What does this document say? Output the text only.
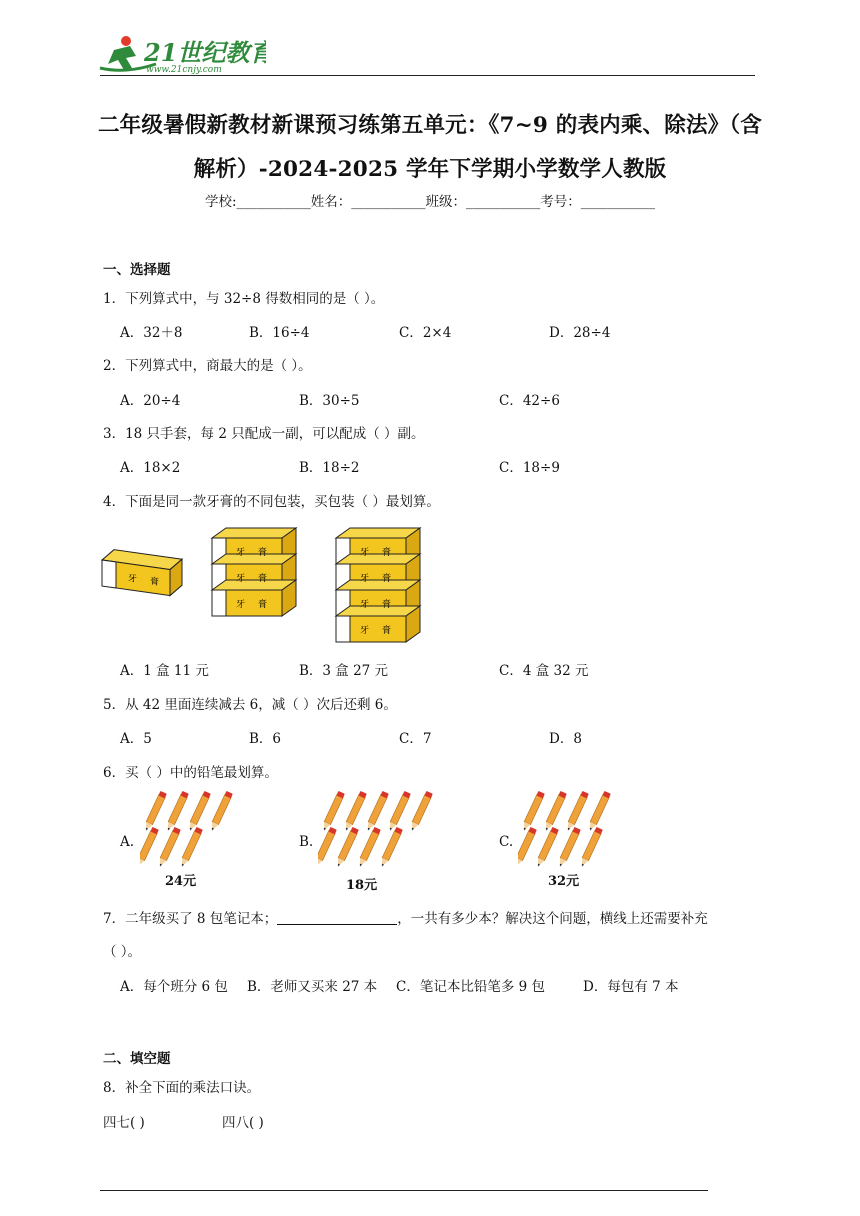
21世纪教育
www.21cnjy.com
二年级暑假新教材新课预习练第五单元：《7~9 的表内乘、除法》（含
解析）-2024-2025 学年下学期小学数学人教版
学校:___________姓名：___________班级：___________考号：___________
一、选择题
1．下列算式中，与 32÷8 得数相同的是（ ）。
A．32＋8	B．16÷4	C．2×4	D．28÷4
2．下列算式中，商最大的是（ ）。
A．20÷4	B．30÷5	C．42÷6
3．18 只手套，每 2 只配成一副，可以配成（ ）副。
A．18×2	B．18÷2	C．18÷9
4．下面是同一款牙膏的不同包装，买包装（ ）最划算。
牙 膏
牙 膏
牙 膏
牙 膏
牙 膏
牙 膏
牙 膏
牙 膏
A．1 盒 11 元	B．3 盒 27 元	C．4 盒 32 元
5．从 42 里面连续减去 6，减（ ）次后还剩 6。
A．5	B．6	C．7	D．8
6．买（ ）中的铅笔最划算。
A.	B.	C.
24元	18元	32元
7．二年级买了 8 包笔记本；	，一共有多少本？解决这个问题，横线上还需要补充
（ ）。
A．每个班分 6 包 B．老师又买来 27 本 C．笔记本比铅笔多 9 包	D．每包有 7 本
二、填空题
8．补全下面的乘法口诀。
四七( )	四八( )
